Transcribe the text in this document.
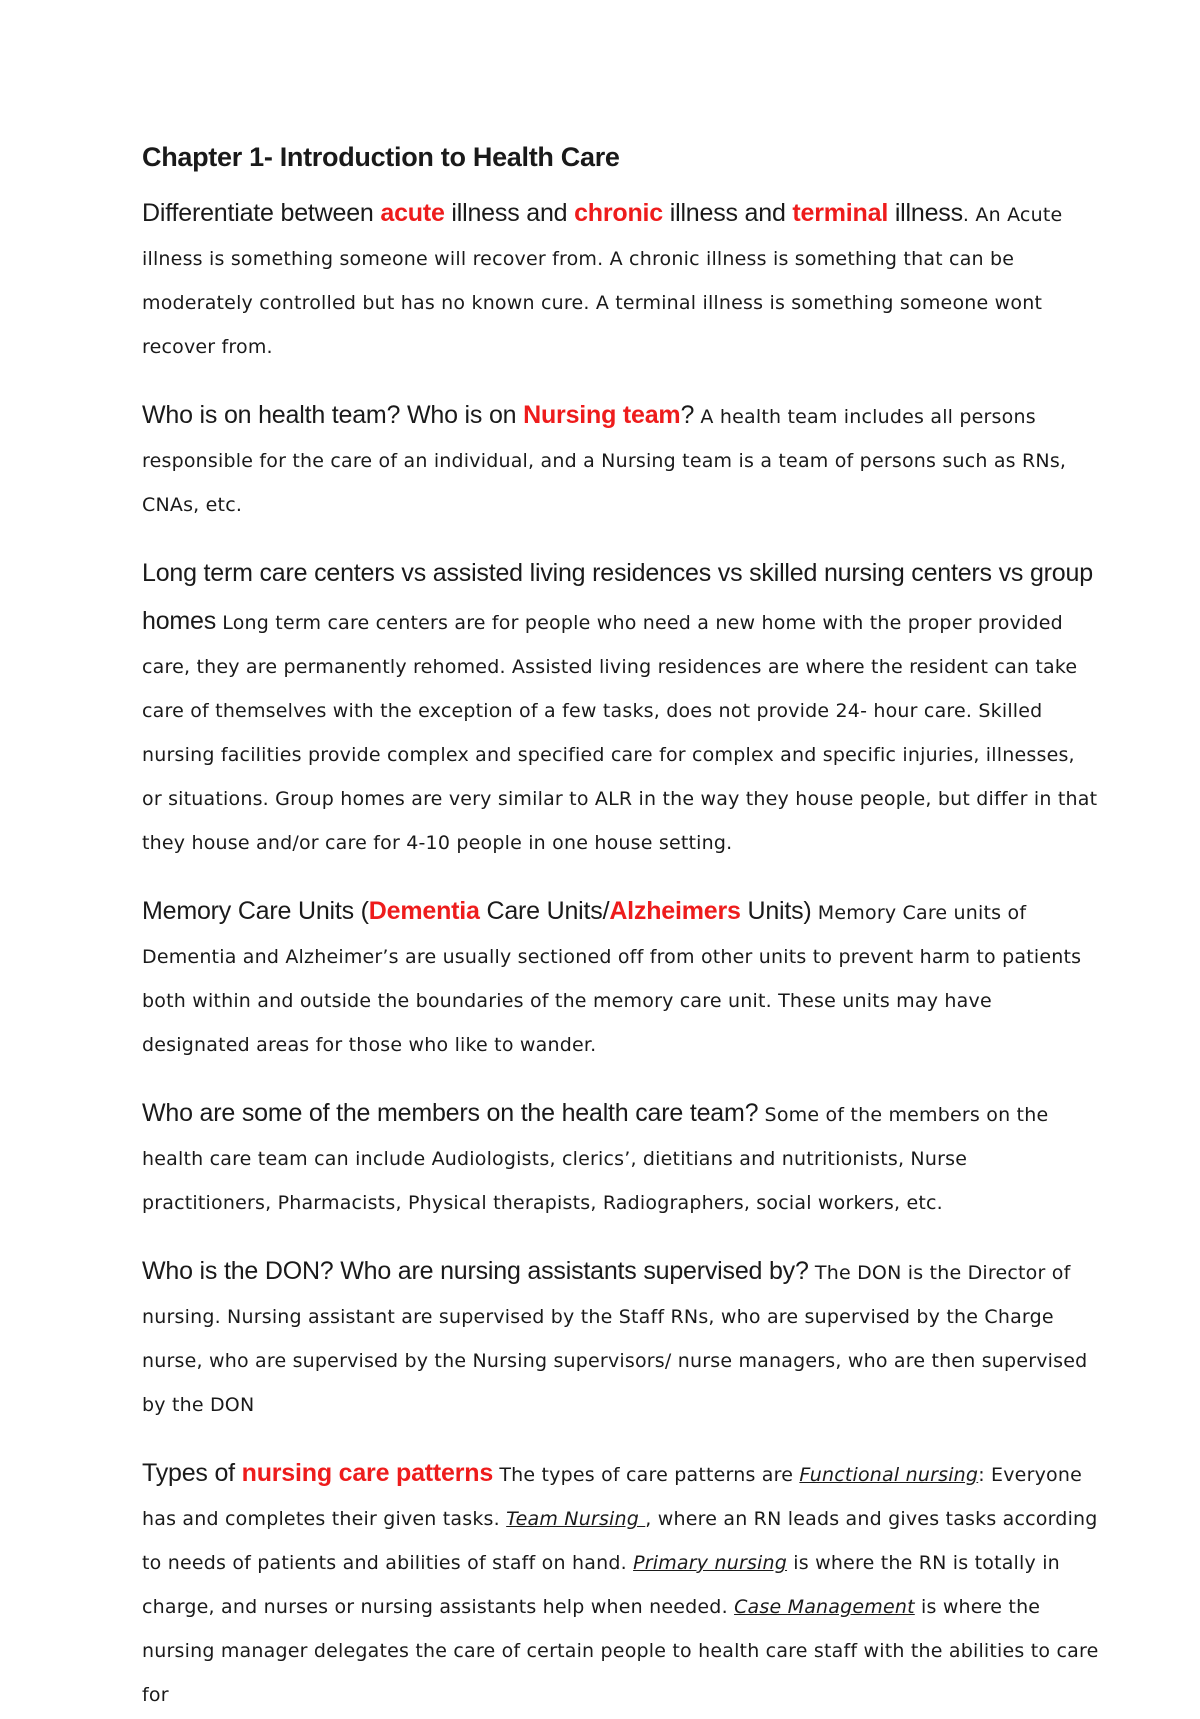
Chapter 1- Introduction to Health Care
Differentiate between acute illness and chronic illness and terminal illness. An Acute illness is something someone will recover from. A chronic illness is something that can be moderately controlled but has no known cure. A terminal illness is something someone wont recover from.
Who is on health team? Who is on Nursing team? A health team includes all persons responsible for the care of an individual, and a Nursing team is a team of persons such as RNs, CNAs, etc.
Long term care centers vs assisted living residences vs skilled nursing centers vs group homes Long term care centers are for people who need a new home with the proper provided care, they are permanently rehomed. Assisted living residences are where the resident can take care of themselves with the exception of a few tasks, does not provide 24- hour care. Skilled nursing facilities provide complex and specified care for complex and specific injuries, illnesses, or situations. Group homes are very similar to ALR in the way they house people, but differ in that they house and/or care for 4-10 people in one house setting.
Memory Care Units (Dementia Care Units/Alzheimers Units) Memory Care units of Dementia and Alzheimer’s are usually sectioned off from other units to prevent harm to patients both within and outside the boundaries of the memory care unit. These units may have designated areas for those who like to wander.
Who are some of the members on the health care team? Some of the members on the health care team can include Audiologists, clerics’, dietitians and nutritionists, Nurse practitioners, Pharmacists, Physical therapists, Radiographers, social workers, etc.
Who is the DON? Who are nursing assistants supervised by? The DON is the Director of nursing. Nursing assistant are supervised by the Staff RNs, who are supervised by the Charge nurse, who are supervised by the Nursing supervisors/ nurse managers, who are then supervised by the DON
Types of nursing care patterns The types of care patterns are Functional nursing: Everyone has and completes their given tasks. Team Nursing , where an RN leads and gives tasks according to needs of patients and abilities of staff on hand. Primary nursing is where the RN is totally in charge, and nurses or nursing assistants help when needed. Case Management is where the nursing manager delegates the care of certain people to health care staff with the abilities to care for
